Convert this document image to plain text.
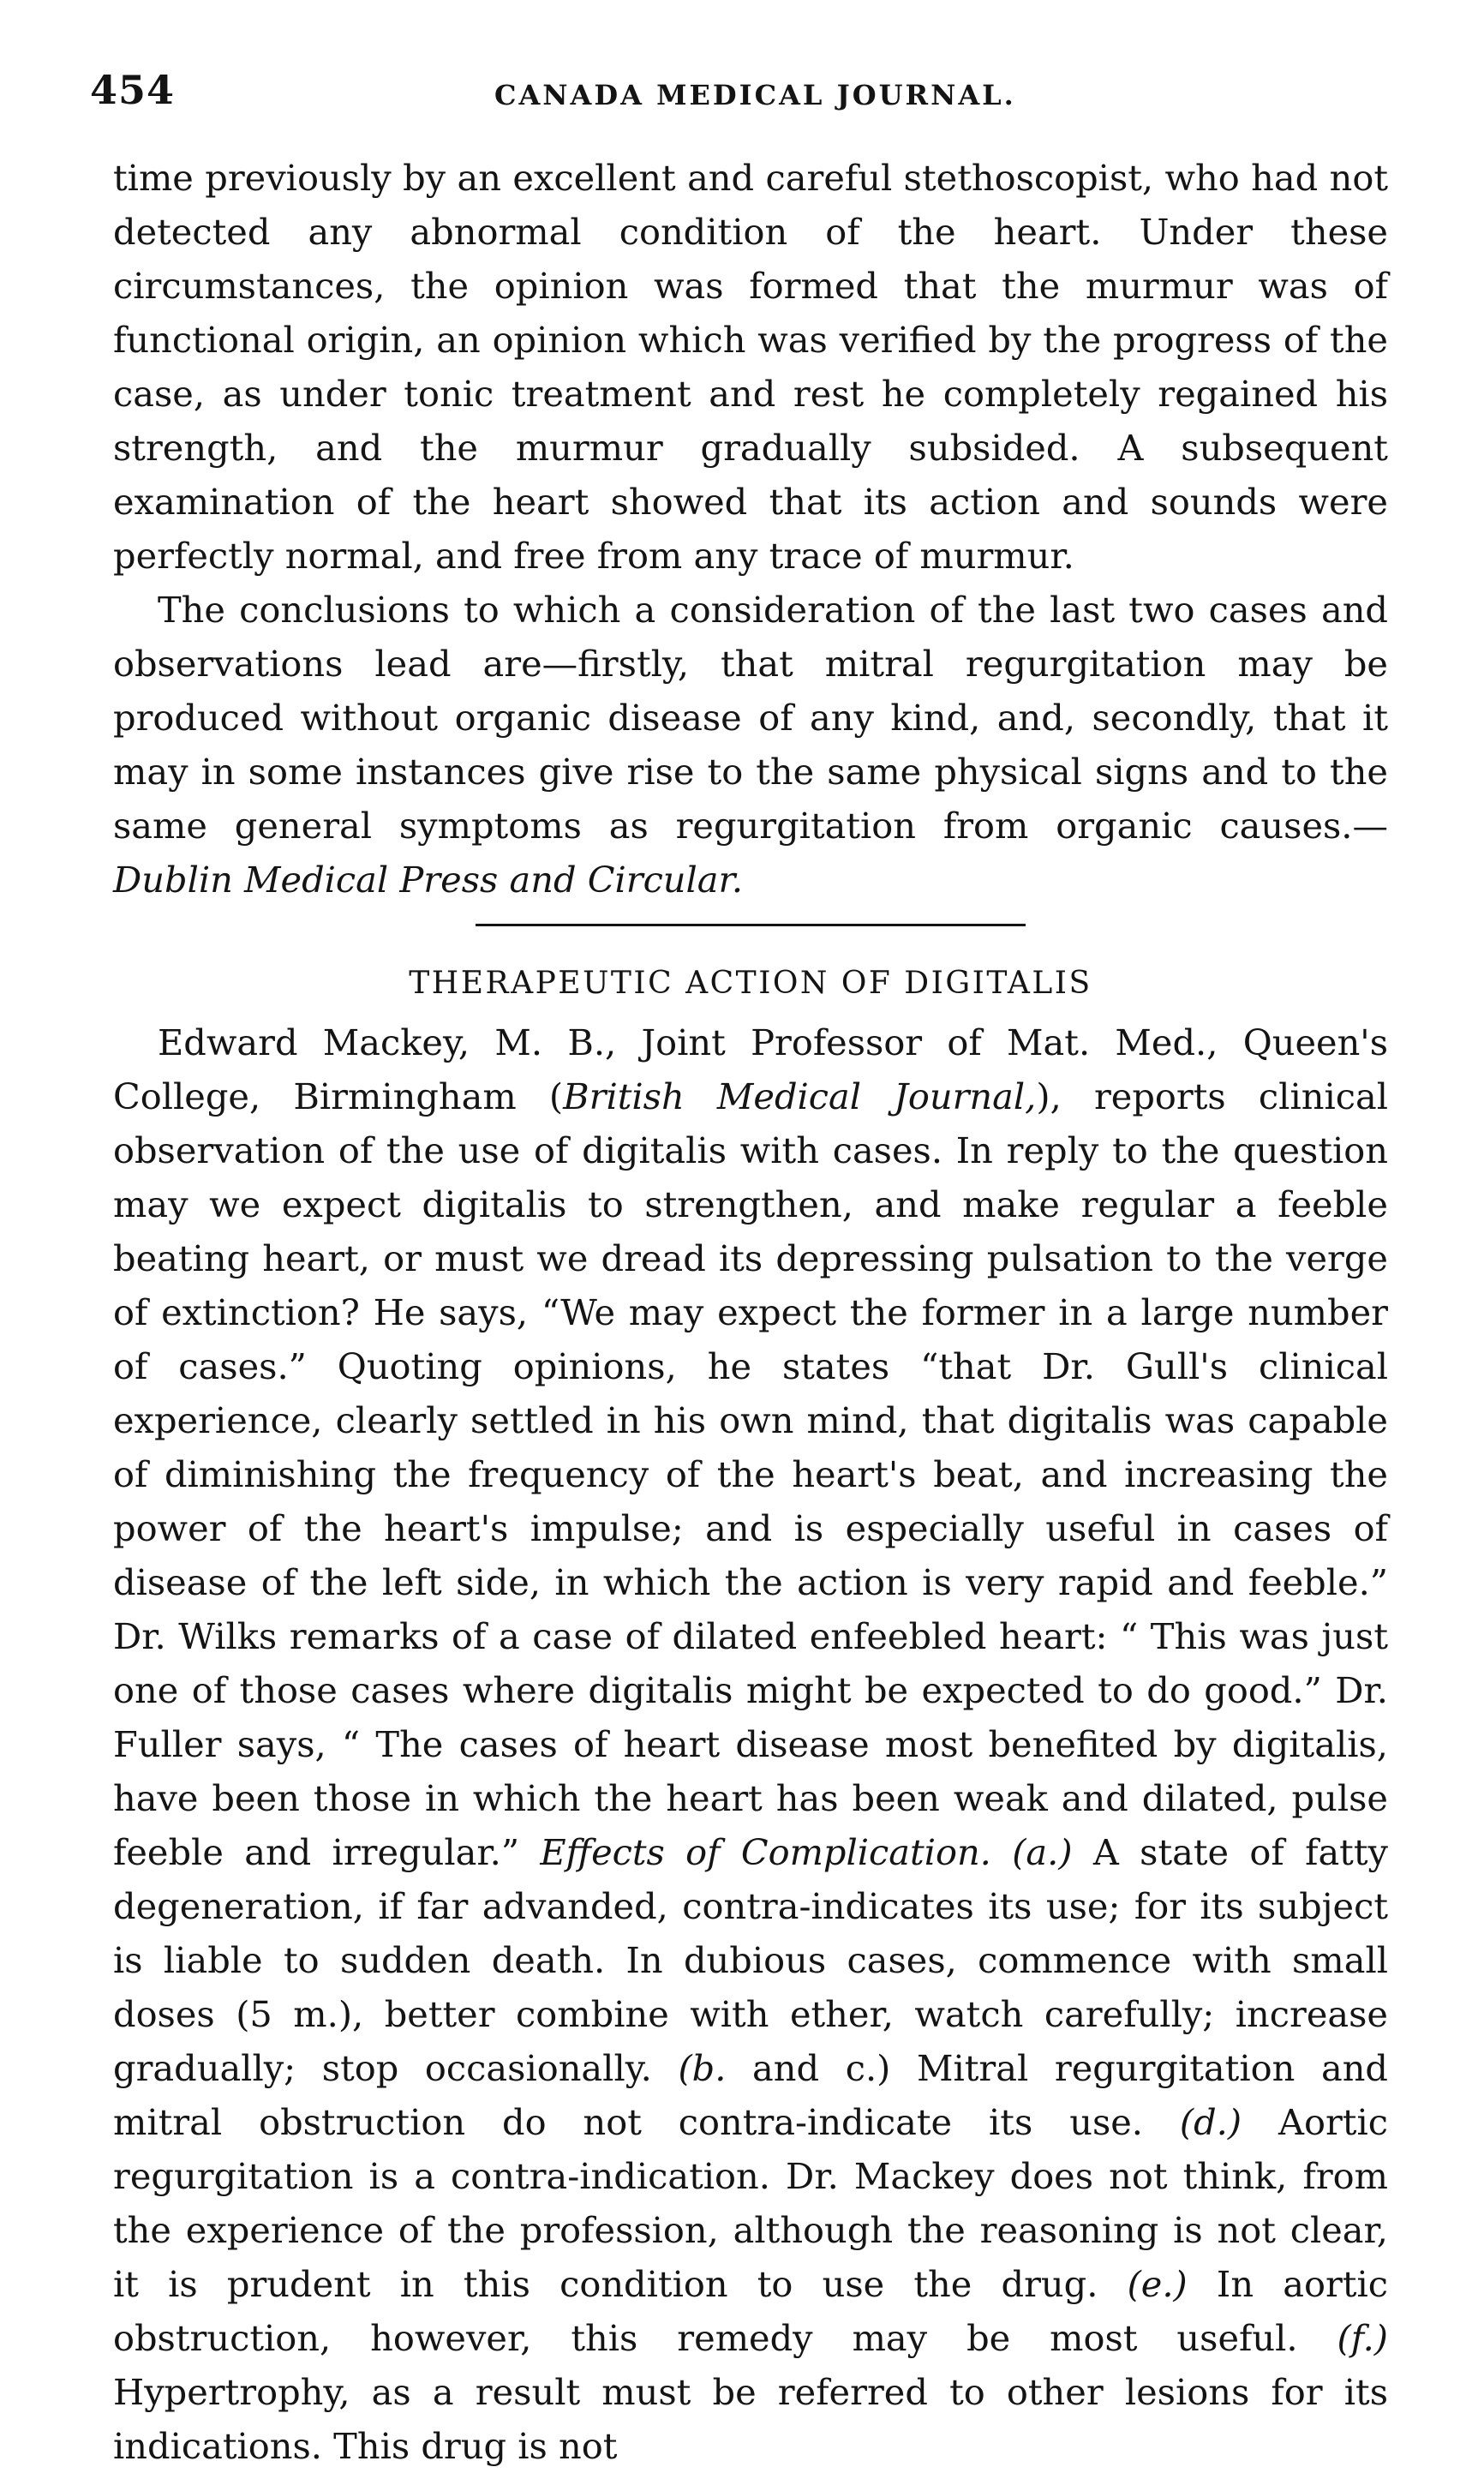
454	CANADA MEDICAL JOURNAL.

time previously by an excellent and careful stethoscopist, who had not detected any abnormal condition of the heart. Under these circumstances, the opinion was formed that the murmur was of functional origin, an opinion which was verified by the progress of the case, as under tonic treatment and rest he completely regained his strength, and the murmur gradually subsided. A subsequent examination of the heart showed that its action and sounds were perfectly normal, and free from any trace of murmur.

The conclusions to which a consideration of the last two cases and observations lead are—firstly, that mitral regurgitation may be produced without organic disease of any kind, and, secondly, that it may in some instances give rise to the same physical signs and to the same general symptoms as regurgitation from organic causes.—Dublin Medical Press and Circular.

THERAPEUTIC ACTION OF DIGITALIS

Edward Mackey, M. B., Joint Professor of Mat. Med., Queen's College, Birmingham (British Medical Journal,), reports clinical observation of the use of digitalis with cases. In reply to the question may we expect digitalis to strengthen, and make regular a feeble beating heart, or must we dread its depressing pulsation to the verge of extinction? He says, “We may expect the former in a large number of cases.” Quoting opinions, he states “that Dr. Gull's clinical experience, clearly settled in his own mind, that digitalis was capable of diminishing the frequency of the heart's beat, and increasing the power of the heart's impulse; and is especially useful in cases of disease of the left side, in which the action is very rapid and feeble.” Dr. Wilks remarks of a case of dilated enfeebled heart: “ This was just one of those cases where digitalis might be expected to do good.” Dr. Fuller says, “ The cases of heart disease most benefited by digitalis, have been those in which the heart has been weak and dilated, pulse feeble and irregular.” Effects of Complication. (a.) A state of fatty degeneration, if far advanded, contra-indicates its use; for its subject is liable to sudden death. In dubious cases, commence with small doses (5 m.), better combine with ether, watch carefully; increase gradually; stop occasionally. (b. and c.) Mitral regurgitation and mitral obstruction do not contra-indicate its use. (d.) Aortic regurgitation is a contra-indication. Dr. Mackey does not think, from the experience of the profession, although the reasoning is not clear, it is prudent in this condition to use the drug. (e.) In aortic obstruction, however, this remedy may be most useful. (f.) Hypertrophy, as a result must be referred to other lesions for its indications. This drug is not
